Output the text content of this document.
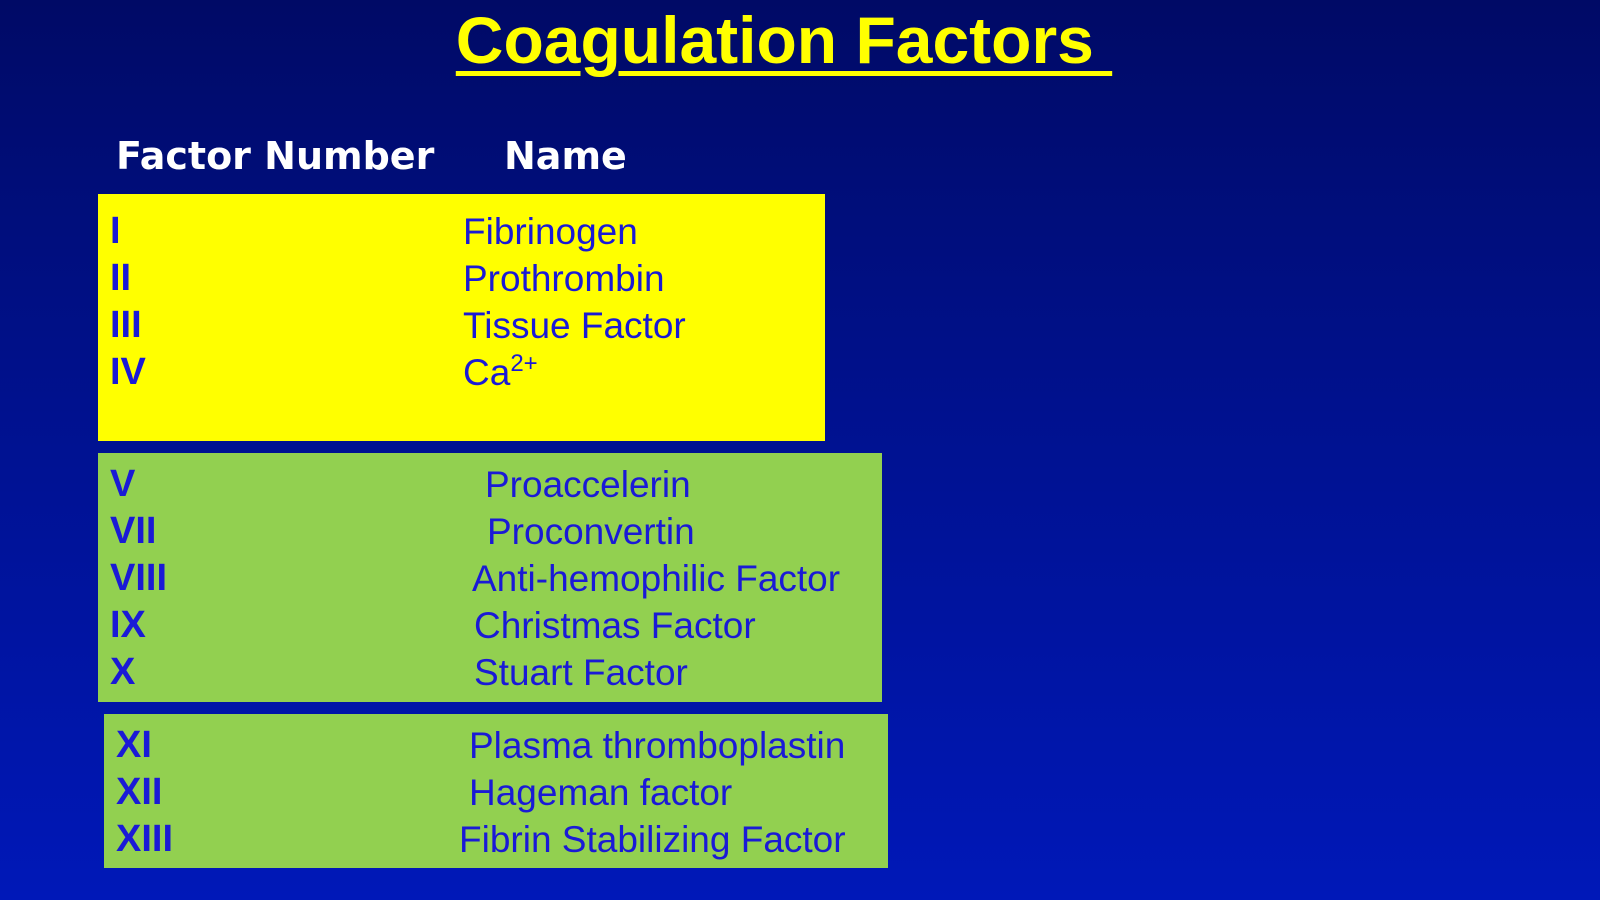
Coagulation Factors
Factor Number Name
I	Fibrinogen
II	Prothrombin
III	Tissue Factor
IV	$Ca^{2+}$
V	Proaccelerin
VII	Proconvertin
VIII	Anti-hemophilic Factor
IX	Christmas Factor
X	Stuart Factor
XI	Plasma thromboplastin
XII	Hageman factor
XIII	Fibrin Stabilizing Factor
